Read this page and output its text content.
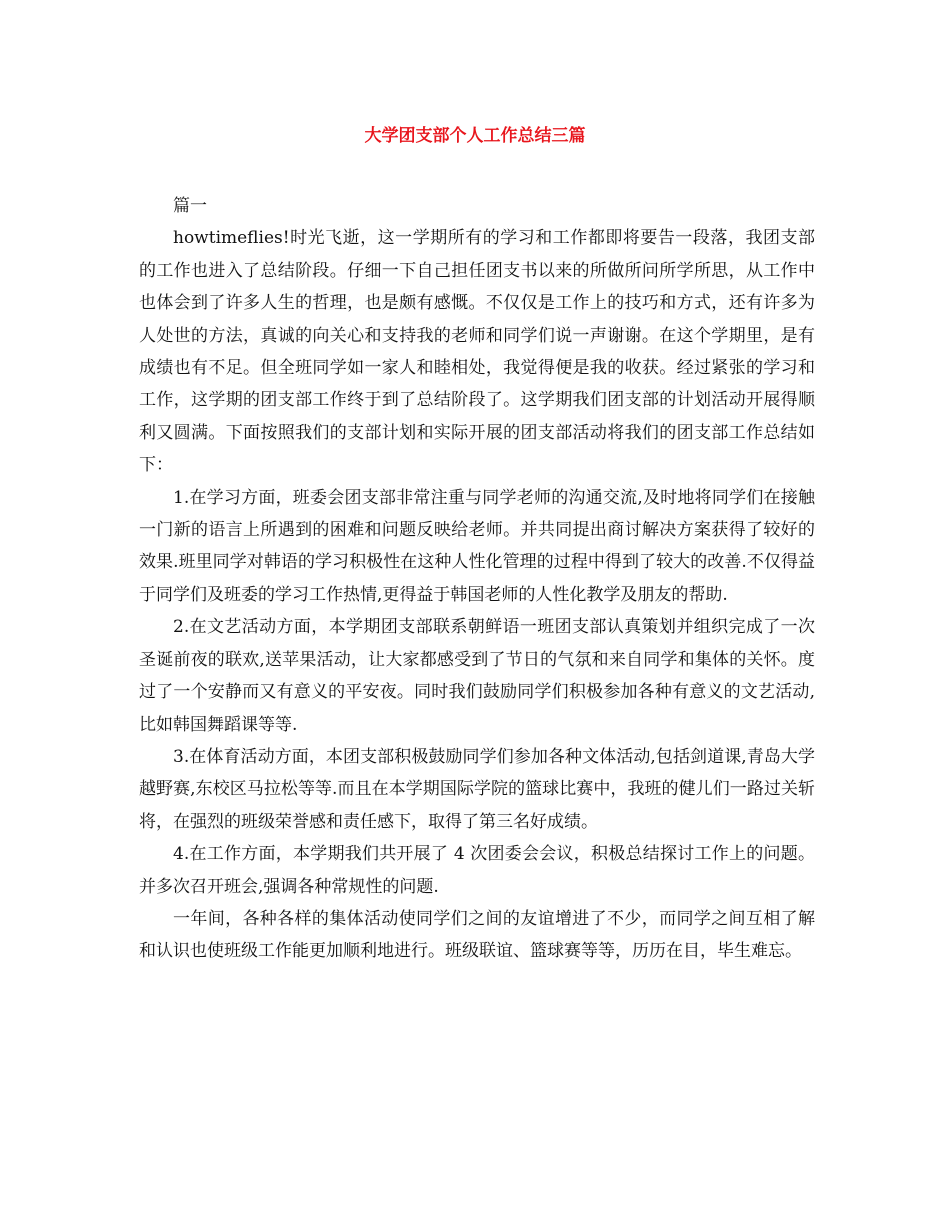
大学团支部个人工作总结三篇

篇一

howtimeflies!时光飞逝，这一学期所有的学习和工作都即将要告一段落，我团支部的工作也进入了总结阶段。仔细一下自己担任团支书以来的所做所问所学所思，从工作中也体会到了许多人生的哲理，也是颇有感慨。不仅仅是工作上的技巧和方式，还有许多为人处世的方法，真诚的向关心和支持我的老师和同学们说一声谢谢。在这个学期里，是有成绩也有不足。但全班同学如一家人和睦相处，我觉得便是我的收获。经过紧张的学习和工作，这学期的团支部工作终于到了总结阶段了。这学期我们团支部的计划活动开展得顺利又圆满。下面按照我们的支部计划和实际开展的团支部活动将我们的团支部工作总结如下：

1.在学习方面，班委会团支部非常注重与同学老师的沟通交流,及时地将同学们在接触一门新的语言上所遇到的困难和问题反映给老师。并共同提出商讨解决方案获得了较好的效果.班里同学对韩语的学习积极性在这种人性化管理的过程中得到了较大的改善.不仅得益于同学们及班委的学习工作热情,更得益于韩国老师的人性化教学及朋友的帮助.

2.在文艺活动方面，本学期团支部联系朝鲜语一班团支部认真策划并组织完成了一次圣诞前夜的联欢,送苹果活动，让大家都感受到了节日的气氛和来自同学和集体的关怀。度过了一个安静而又有意义的平安夜。同时我们鼓励同学们积极参加各种有意义的文艺活动,比如韩国舞蹈课等等.

3.在体育活动方面，本团支部积极鼓励同学们参加各种文体活动,包括剑道课,青岛大学越野赛,东校区马拉松等等.而且在本学期国际学院的篮球比赛中，我班的健儿们一路过关斩将，在强烈的班级荣誉感和责任感下，取得了第三名好成绩。

4.在工作方面，本学期我们共开展了 4 次团委会会议，积极总结探讨工作上的问题。并多次召开班会,强调各种常规性的问题.

一年间，各种各样的集体活动使同学们之间的友谊增进了不少，而同学之间互相了解和认识也使班级工作能更加顺利地进行。班级联谊、篮球赛等等，历历在目，毕生难忘。
